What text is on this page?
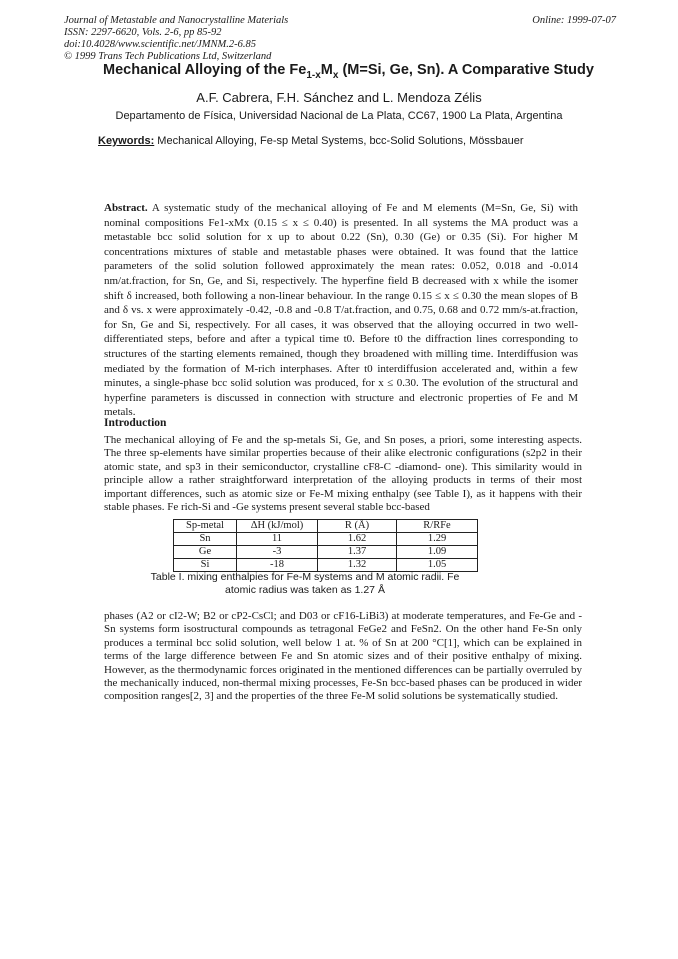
Journal of Metastable and Nanocrystalline Materials
ISSN: 2297-6620, Vols. 2-6, pp 85-92
doi:10.4028/www.scientific.net/JMNM.2-6.85
© 1999 Trans Tech Publications Ltd, Switzerland
Online: 1999-07-07
Mechanical Alloying of the $Fe_{1-x}M_x$ (M=Si, Ge, Sn). A Comparative Study
A.F. Cabrera, F.H. Sánchez and L. Mendoza Zélis
Departamento de Física, Universidad Nacional de La Plata, CC67, 1900 La Plata, Argentina
Keywords: Mechanical Alloying, Fe-sp Metal Systems, bcc-Solid Solutions, Mössbauer
Abstract. A systematic study of the mechanical alloying of Fe and M elements (M=Sn, Ge, Si) with nominal compositions Fe1-xMx (0.15 ≤ x ≤ 0.40) is presented. In all systems the MA product was a metastable bcc solid solution for x up to about 0.22 (Sn), 0.30 (Ge) or 0.35 (Si). For higher M concentrations mixtures of stable and metastable phases were obtained. It was found that the lattice parameters of the solid solution followed approximately the mean rates: 0.052, 0.018 and -0.014 nm/at.fraction, for Sn, Ge, and Si, respectively. The hyperfine field B decreased with x while the isomer shift δ increased, both following a non-linear behaviour. In the range 0.15 ≤ x ≤ 0.30 the mean slopes of B and δ vs. x were approximately -0.42, -0.8 and -0.8 T/at.fraction, and 0.75, 0.68 and 0.72 mm/s-at.fraction, for Sn, Ge and Si, respectively. For all cases, it was observed that the alloying occurred in two well-differentiated steps, before and after a typical time t0. Before t0 the diffraction lines corresponding to structures of the starting elements remained, though they broadened with milling time. Interdiffusion was mediated by the formation of M-rich interphases. After t0 interdiffusion accelerated and, within a few minutes, a single-phase bcc solid solution was produced, for x ≤ 0.30. The evolution of the structural and hyperfine parameters is discussed in connection with structure and electronic properties of Fe and M metals.
Introduction
The mechanical alloying of Fe and the sp-metals Si, Ge, and Sn poses, a priori, some interesting aspects. The three sp-elements have similar properties because of their alike electronic configurations (s2p2 in their atomic state, and sp3 in their semiconductor, crystalline cF8-C -diamond- one). This similarity would in principle allow a rather straightforward interpretation of the alloying products in terms of their most important differences, such as atomic size or Fe-M mixing enthalpy (see Table I), as it happens with their stable phases. Fe rich-Si and -Ge systems present several stable bcc-based
Sp-metal	ΔH (kJ/mol)	R (Å)	R/RFe
Sn	11	1.62	1.29
Ge	-3	1.37	1.09
Si	-18	1.32	1.05
Table I. mixing enthalpies for Fe-M systems and M atomic radii. Fe atomic radius was taken as 1.27 Å
phases (A2 or cI2-W; B2 or cP2-CsCl; and D03 or cF16-LiBi3) at moderate temperatures, and Fe-Ge and -Sn systems form isostructural compounds as tetragonal FeGe2 and FeSn2. On the other hand Fe-Sn only produces a terminal bcc solid solution, well below 1 at. % of Sn at 200 °C[1], which can be explained in terms of the large difference between Fe and Sn atomic sizes and of their positive enthalpy of mixing. However, as the thermodynamic forces originated in the mentioned differences can be partially overruled by the mechanically induced, non-thermal mixing processes, Fe-Sn bcc-based phases can be produced in wider composition ranges[2, 3] and the properties of the three Fe-M solid solutions be systematically studied.
